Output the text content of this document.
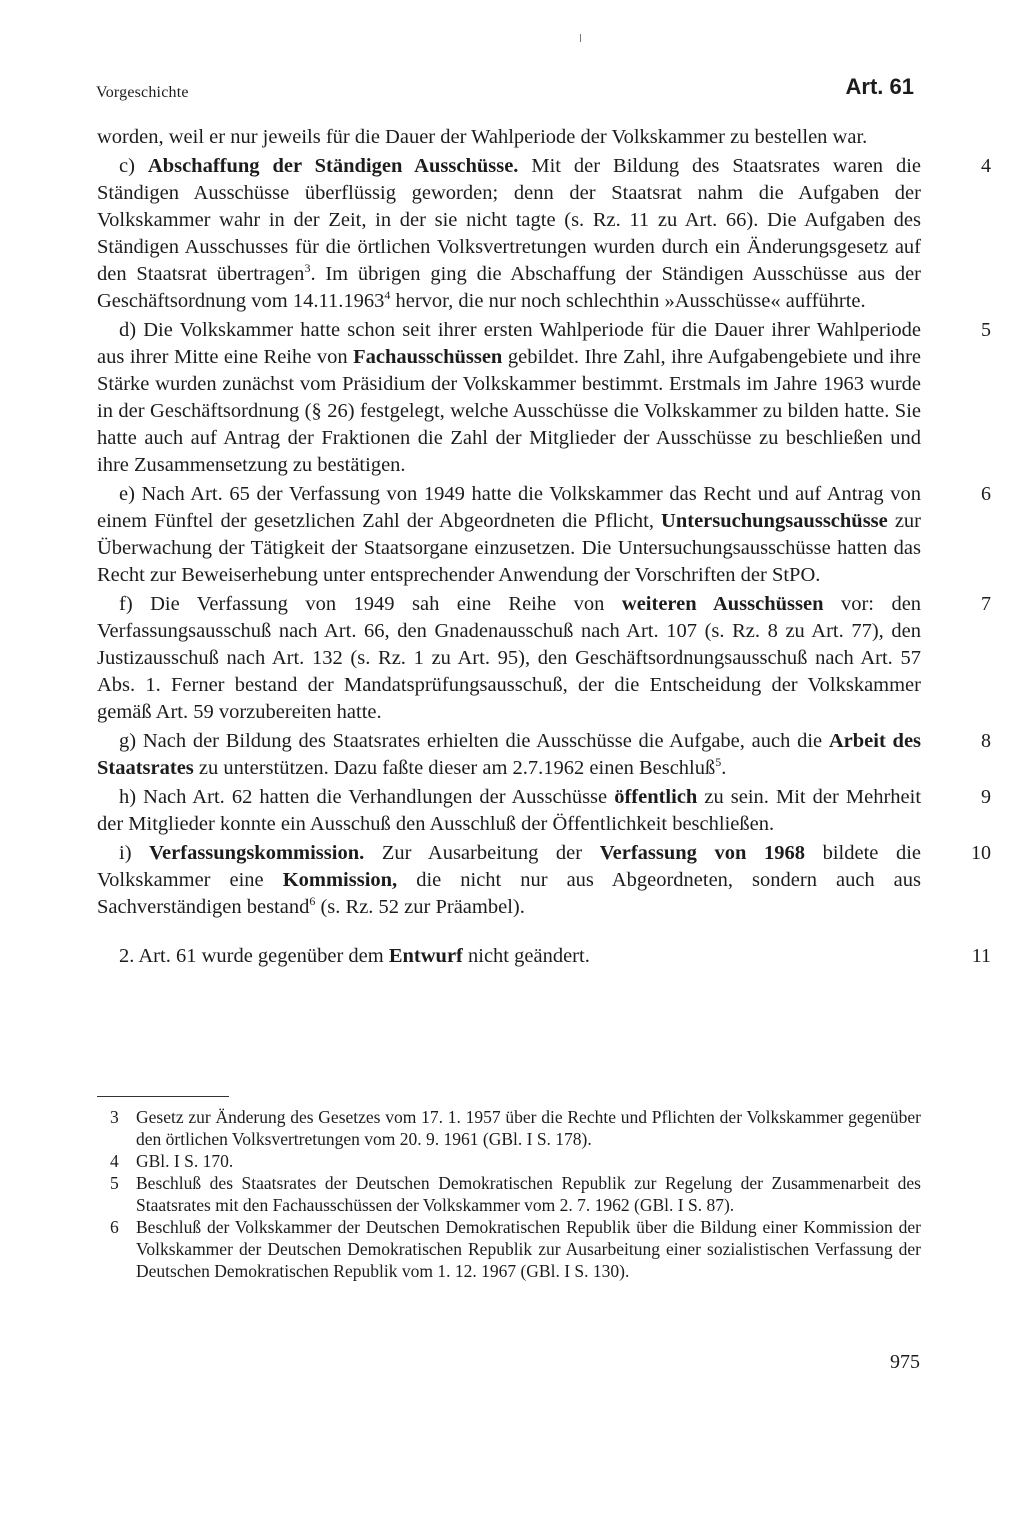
Vorgeschichte	Art. 61

worden, weil er nur jeweils für die Dauer der Wahlperiode der Volkskammer zu bestellen war.

4
c) Abschaffung der Ständigen Ausschüsse. Mit der Bildung des Staatsrates waren die Ständigen Ausschüsse überflüssig geworden; denn der Staatsrat nahm die Aufgaben der Volkskammer wahr in der Zeit, in der sie nicht tagte (s. Rz. 11 zu Art. 66). Die Aufgaben des Ständigen Ausschusses für die örtlichen Volksvertretungen wurden durch ein Änderungsgesetz auf den Staatsrat übertragen$^3$. Im übrigen ging die Abschaffung der Ständigen Ausschüsse aus der Geschäftsordnung vom 14.11.1963$^4$ hervor, die nur noch schlechthin »Ausschüsse« aufführte.

5
d) Die Volkskammer hatte schon seit ihrer ersten Wahlperiode für die Dauer ihrer Wahlperiode aus ihrer Mitte eine Reihe von Fachausschüssen gebildet. Ihre Zahl, ihre Aufgabengebiete und ihre Stärke wurden zunächst vom Präsidium der Volkskammer bestimmt. Erstmals im Jahre 1963 wurde in der Geschäftsordnung (§ 26) festgelegt, welche Ausschüsse die Volkskammer zu bilden hatte. Sie hatte auch auf Antrag der Fraktionen die Zahl der Mitglieder der Ausschüsse zu beschließen und ihre Zusammensetzung zu bestätigen.

6
e) Nach Art. 65 der Verfassung von 1949 hatte die Volkskammer das Recht und auf Antrag von einem Fünftel der gesetzlichen Zahl der Abgeordneten die Pflicht, Untersuchungsausschüsse zur Überwachung der Tätigkeit der Staatsorgane einzusetzen. Die Untersuchungsausschüsse hatten das Recht zur Beweiserhebung unter entsprechender Anwendung der Vorschriften der StPO.

7
f) Die Verfassung von 1949 sah eine Reihe von weiteren Ausschüssen vor: den Verfassungsausschuß nach Art. 66, den Gnadenausschuß nach Art. 107 (s. Rz. 8 zu Art. 77), den Justizausschuß nach Art. 132 (s. Rz. 1 zu Art. 95), den Geschäftsordnungsausschuß nach Art. 57 Abs. 1. Ferner bestand der Mandatsprüfungsausschuß, der die Entscheidung der Volkskammer gemäß Art. 59 vorzubereiten hatte.

8
g) Nach der Bildung des Staatsrates erhielten die Ausschüsse die Aufgabe, auch die Arbeit des Staatsrates zu unterstützen. Dazu faßte dieser am 2.7.1962 einen Beschluß$^5$.

9
h) Nach Art. 62 hatten die Verhandlungen der Ausschüsse öffentlich zu sein. Mit der Mehrheit der Mitglieder konnte ein Ausschuß den Ausschluß der Öffentlichkeit beschließen.

10
i) Verfassungskommission. Zur Ausarbeitung der Verfassung von 1968 bildete die Volkskammer eine Kommission, die nicht nur aus Abgeordneten, sondern auch aus Sachverständigen bestand$^6$ (s. Rz. 52 zur Präambel).

11
2. Art. 61 wurde gegenüber dem Entwurf nicht geändert.

3 Gesetz zur Änderung des Gesetzes vom 17. 1. 1957 über die Rechte und Pflichten der Volkskammer gegenüber den örtlichen Volksvertretungen vom 20. 9. 1961 (GBl. I S. 178).
4 GBl. I S. 170.
5 Beschluß des Staatsrates der Deutschen Demokratischen Republik zur Regelung der Zusammenarbeit des Staatsrates mit den Fachausschüssen der Volkskammer vom 2. 7. 1962 (GBl. I S. 87).
6 Beschluß der Volkskammer der Deutschen Demokratischen Republik über die Bildung einer Kommission der Volkskammer der Deutschen Demokratischen Republik zur Ausarbeitung einer sozialistischen Verfassung der Deutschen Demokratischen Republik vom 1. 12. 1967 (GBl. I S. 130).
975
